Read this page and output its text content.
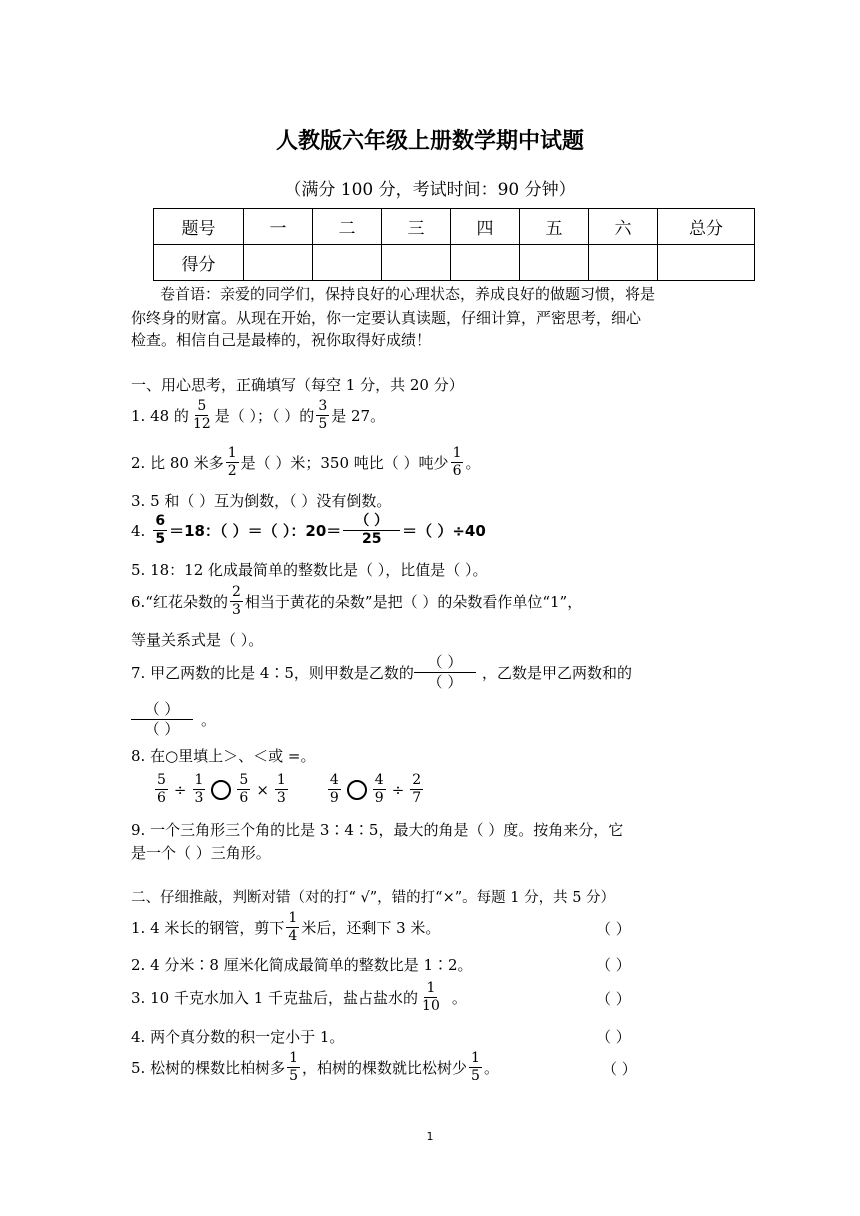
人教版六年级上册数学期中试题
（满分 100 分，考试时间：90 分钟）
题号	一	二	三	四	五	六	总分
得分							
卷首语：亲爱的同学们，保持良好的心理状态，养成良好的做题习惯，将是
你终身的财富。从现在开始，你一定要认真读题，仔细计算，严密思考，细心
检查。相信自己是最棒的，祝你取得好成绩！
一、用心思考，正确填写（每空 1 分，共 20 分）
1. 48 的 $\frac{5}{12}$ 是（ ）；（ ）的 $\frac{3}{5}$ 是 27。
2. 比 80 米多 $\frac{1}{2}$ 是（ ）米；350 吨比（ ）吨少 $\frac{1}{6}$ 。
3. 5 和（ ）互为倒数，（ ）没有倒数。
4. $\frac{6}{5} =18$：（ ）＝（ ）：$20= \frac{( )}{25}$ ＝（ ）÷40
5. 18：12 化成最简单的整数比是（ ），比值是（ ）。
6.“红花朵数的 $\frac{2}{3}$ 相当于黄花的朵数”是把（ ）的朵数看作单位“1”，
等量关系式是（ ）。
7. 甲乙两数的比是 4∶5，则甲数是乙数的 $\frac{( )}{( )}$ ，乙数是甲乙两数和的
$\frac{( )}{( )}$ 。
8. 在○里填上＞、＜或 =。
$\frac{5}{6} \div \frac{1}{3} \frac{5}{6} \times \frac{1}{3}$	$\frac{4}{9} \frac{4}{9} \div \frac{2}{7}$
9. 一个三角形三个角的比是 3∶4∶5，最大的角是（ ）度。按角来分，它
是一个（ ）三角形。
二、仔细推敲，判断对错（对的打“ √”，错的打“×”。每题 1 分，共 5 分）
1. 4 米长的钢管，剪下 $\frac{1}{4}$ 米后，还剩下 3 米。	（ ）
2. 4 分米∶8 厘米化简成最简单的整数比是 1∶2。	（ ）
3. 10 千克水加入 1 千克盐后，盐占盐水的 $\frac{1}{10}$ 。	（ ）
4. 两个真分数的积一定小于 1。	（ ）
5. 松树的棵数比柏树多 $\frac{1}{5}$ ，柏树的棵数就比松树少 $\frac{1}{5}$ 。	（ ）
1
